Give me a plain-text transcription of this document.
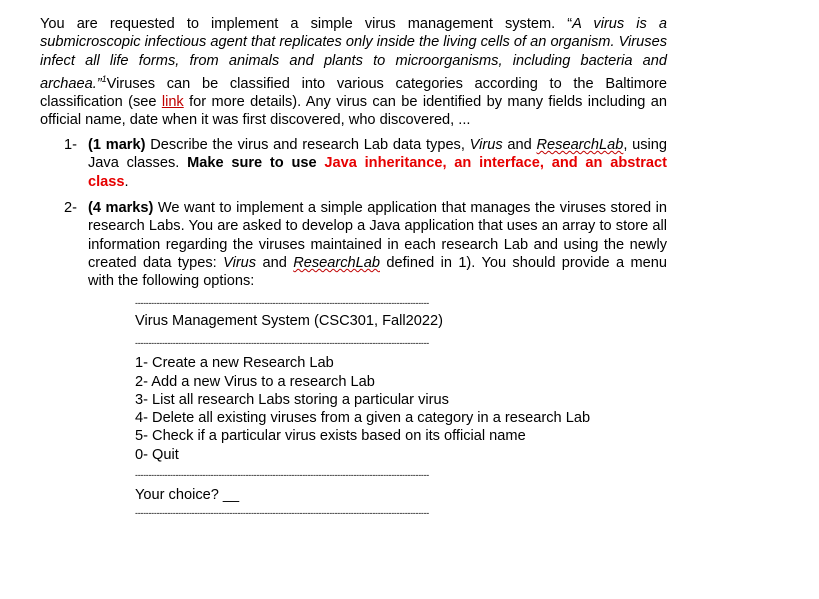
You are requested to implement a simple virus management system. “A virus is a submicroscopic infectious agent that replicates only inside the living cells of an organism. Viruses infect all life forms, from animals and plants to microorganisms, including bacteria and archaea.”$^1$Viruses can be classified into various categories according to the Baltimore classification (see link for more details). Any virus can be identified by many fields including an official name, date when it was first discovered, who discovered, ...

1- (1 mark) Describe the virus and research Lab data types, Virus and ResearchLab, using Java classes. Make sure to use Java inheritance, an interface, and an abstract class.
2- (4 marks) We want to implement a simple application that manages the viruses stored in research Labs. You are asked to develop a Java application that uses an array to store all information regarding the viruses maintained in each research Lab and using the newly created data types: Virus and ResearchLab defined in 1). You should provide a menu with the following options:
-------------------------------------------------------------------------------------------------------------
Virus Management System (CSC301, Fall2022)
-------------------------------------------------------------------------------------------------------------
1- Create a new Research Lab
2- Add a new Virus to a research Lab
3- List all research Labs storing a particular virus
4- Delete all existing viruses from a given a category in a research Lab
5- Check if a particular virus exists based on its official name
0- Quit
-------------------------------------------------------------------------------------------------------------
Your choice? __
-------------------------------------------------------------------------------------------------------------
